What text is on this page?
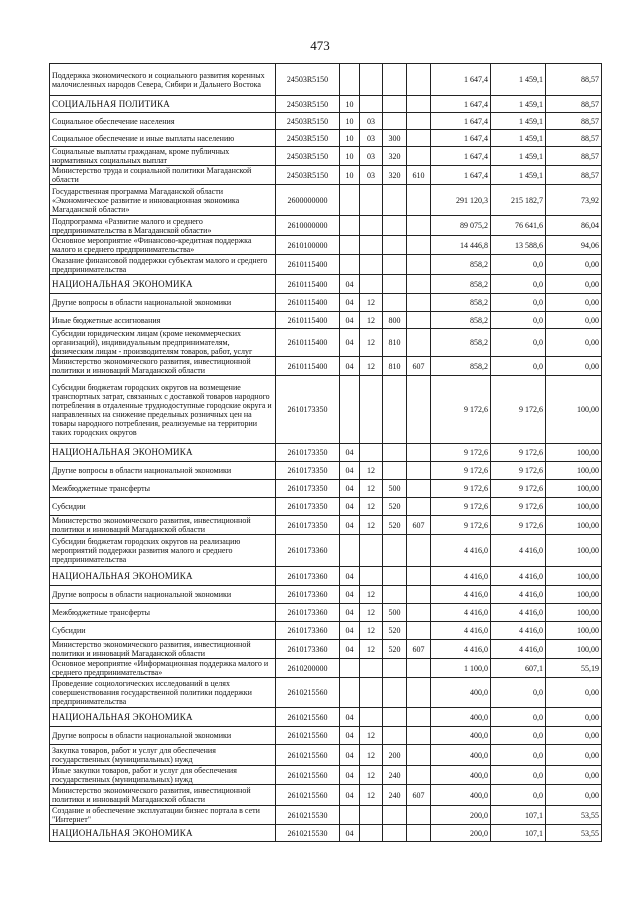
473
Поддержка экономического и социального развития коренных малочисленных народов Севера, Сибири и Дальнего Востока	24503R5150					1 647,4	1 459,1	88,57
СОЦИАЛЬНАЯ ПОЛИТИКА	24503R5150	10				1 647,4	1 459,1	88,57
Социальное обеспечение населения	24503R5150	10	03			1 647,4	1 459,1	88,57
Социальное обеспечение и иные выплаты населению	24503R5150	10	03	300		1 647,4	1 459,1	88,57
Социальные выплаты гражданам, кроме публичных нормативных социальных выплат	24503R5150	10	03	320		1 647,4	1 459,1	88,57
Министерство труда и социальной политики Магаданской области	24503R5150	10	03	320	610	1 647,4	1 459,1	88,57
Государственная программа Магаданской области «Экономическое развитие и инновационная экономика Магаданской области»	2600000000					291 120,3	215 182,7	73,92
Подпрограмма «Развитие малого и среднего предпринимательства в Магаданской области»	2610000000					89 075,2	76 641,6	86,04
Основное мероприятие «Финансово-кредитная поддержка малого и среднего предпринимательства»	2610100000					14 446,8	13 588,6	94,06
Оказание финансовой поддержки субъектам малого и среднего предпринимательства	2610115400					858,2	0,0	0,00
НАЦИОНАЛЬНАЯ ЭКОНОМИКА	2610115400	04				858,2	0,0	0,00
Другие вопросы в области национальной экономики	2610115400	04	12			858,2	0,0	0,00
Иные бюджетные ассигнования	2610115400	04	12	800		858,2	0,0	0,00
Субсидии юридическим лицам (кроме некоммерческих организаций), индивидуальным предпринимателям, физическим лицам - производителям товаров, работ, услуг	2610115400	04	12	810		858,2	0,0	0,00
Министерство экономического развития, инвестиционной политики и инноваций Магаданской области	2610115400	04	12	810	607	858,2	0,0	0,00
Субсидии бюджетам городских округов на возмещение транспортных затрат, связанных с доставкой товаров народного потребления в отдаленные труднодоступные городские округа и направленных на снижение предельных розничных цен на товары народного потребления, реализуемые на территории таких городских округов	2610173350					9 172,6	9 172,6	100,00
НАЦИОНАЛЬНАЯ ЭКОНОМИКА	2610173350	04				9 172,6	9 172,6	100,00
Другие вопросы в области национальной экономики	2610173350	04	12			9 172,6	9 172,6	100,00
Межбюджетные трансферты	2610173350	04	12	500		9 172,6	9 172,6	100,00
Субсидии	2610173350	04	12	520		9 172,6	9 172,6	100,00
Министерство экономического развития, инвестиционной политики и инноваций Магаданской области	2610173350	04	12	520	607	9 172,6	9 172,6	100,00
Субсидии бюджетам городских округов на реализацию мероприятий поддержки развития малого и среднего предпринимательства	2610173360					4 416,0	4 416,0	100,00
НАЦИОНАЛЬНАЯ ЭКОНОМИКА	2610173360	04				4 416,0	4 416,0	100,00
Другие вопросы в области национальной экономики	2610173360	04	12			4 416,0	4 416,0	100,00
Межбюджетные трансферты	2610173360	04	12	500		4 416,0	4 416,0	100,00
Субсидии	2610173360	04	12	520		4 416,0	4 416,0	100,00
Министерство экономического развития, инвестиционной политики и инноваций Магаданской области	2610173360	04	12	520	607	4 416,0	4 416,0	100,00
Основное мероприятие «Информационная поддержка малого и среднего предпринимательства»	2610200000					1 100,0	607,1	55,19
Проведение социологических исследований в целях совершенствования государственной политики поддержки предпринимательства	2610215560					400,0	0,0	0,00
НАЦИОНАЛЬНАЯ ЭКОНОМИКА	2610215560	04				400,0	0,0	0,00
Другие вопросы в области национальной экономики	2610215560	04	12			400,0	0,0	0,00
Закупка товаров, работ и услуг для обеспечения государственных (муниципальных) нужд	2610215560	04	12	200		400,0	0,0	0,00
Иные закупки товаров, работ и услуг для обеспечения государственных (муниципальных) нужд	2610215560	04	12	240		400,0	0,0	0,00
Министерство экономического развития, инвестиционной политики и инноваций Магаданской области	2610215560	04	12	240	607	400,0	0,0	0,00
Создание и обеспечение эксплуатации бизнес портала в сети "Интернет"	26102155З0					200,0	107,1	53,55
НАЦИОНАЛЬНАЯ ЭКОНОМИКА	26102155З0	04				200,0	107,1	53,55
